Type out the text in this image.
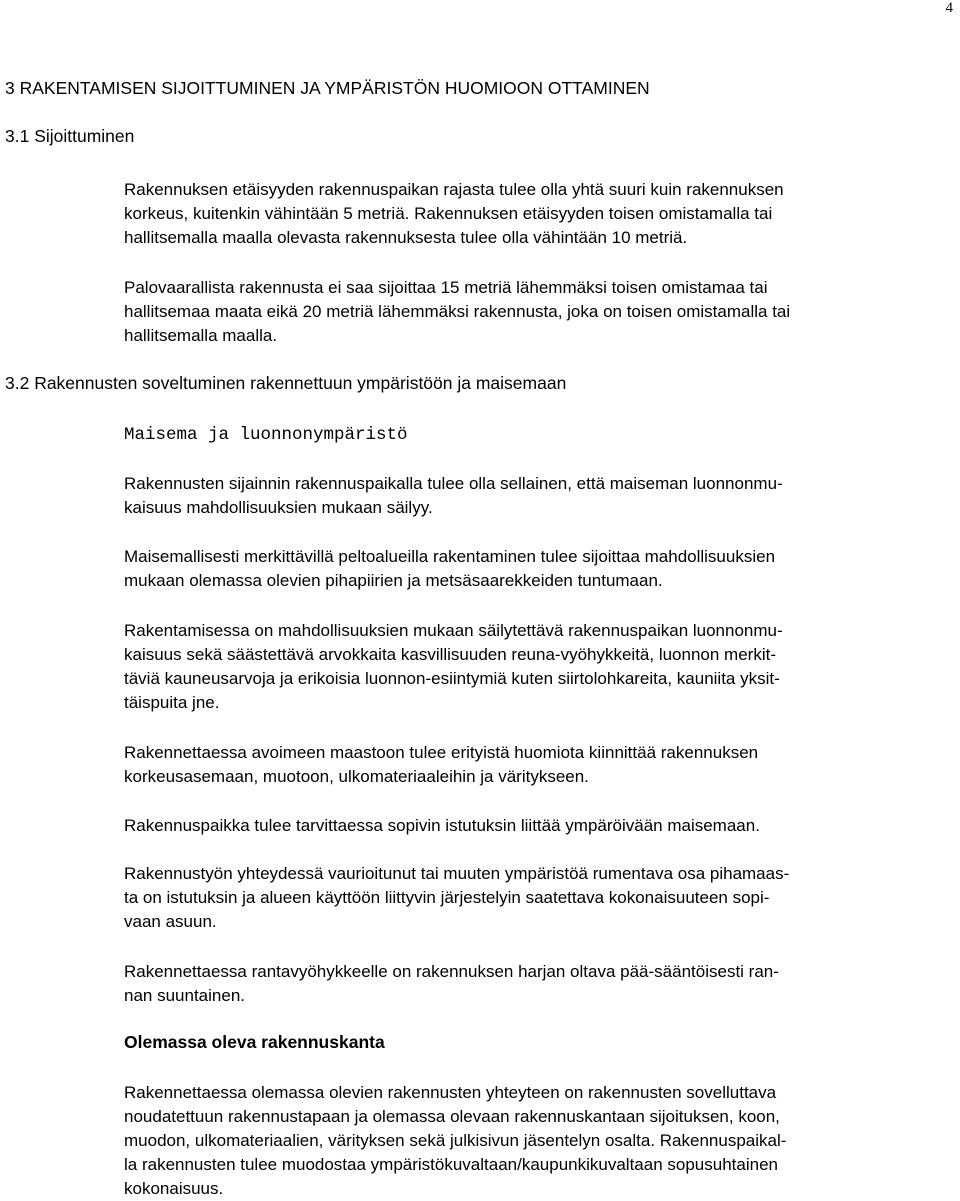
4
3 RAKENTAMISEN SIJOITTUMINEN JA YMPÄRISTÖN HUOMIOON OTTAMINEN
3.1 Sijoittuminen

Rakennuksen etäisyyden rakennuspaikan rajasta tulee olla yhtä suuri kuin rakennuksen
korkeus, kuitenkin vähintään 5 metriä. Rakennuksen etäisyyden toisen omistamalla tai
hallitsemalla maalla olevasta rakennuksesta tulee olla vähintään 10 metriä.

Palovaarallista rakennusta ei saa sijoittaa 15 metriä lähemmäksi toisen omistamaa tai
hallitsemaa maata eikä 20 metriä lähemmäksi rakennusta, joka on toisen omistamalla tai
hallitsemalla maalla.

3.2 Rakennusten soveltuminen rakennettuun ympäristöön ja maisemaan
Maisema ja luonnonympäristö

Rakennusten sijainnin rakennuspaikalla tulee olla sellainen, että maiseman luonnonmu-
kaisuus mahdollisuuksien mukaan säilyy.

Maisemallisesti merkittävillä peltoalueilla rakentaminen tulee sijoittaa mahdollisuuksien
mukaan olemassa olevien pihapiirien ja metsäsaarekkeiden tuntumaan.

Rakentamisessa on mahdollisuuksien mukaan säilytettävä rakennuspaikan luonnonmu-
kaisuus sekä säästettävä arvokkaita kasvillisuuden reuna-vyöhykkeitä, luonnon merkit-
täviä kauneusarvoja ja erikoisia luonnon-esiintymiä kuten siirtolohkareita, kauniita yksit-
täispuita jne.

Rakennettaessa avoimeen maastoon tulee erityistä huomiota kiinnittää rakennuksen
korkeusasemaan, muotoon, ulkomateriaaleihin ja väritykseen.

Rakennuspaikka tulee tarvittaessa sopivin istutuksin liittää ympäröivään maisemaan.

Rakennustyön yhteydessä vaurioitunut tai muuten ympäristöä rumentava osa pihamaas-
ta on istutuksin ja alueen käyttöön liittyvin järjestelyin saatettava kokonaisuuteen sopi-
vaan asuun.

Rakennettaessa rantavyöhykkeelle on rakennuksen harjan oltava pää-sääntöisesti ran-
nan suuntainen.

Olemassa oleva rakennuskanta

Rakennettaessa olemassa olevien rakennusten yhteyteen on rakennusten sovelluttava
noudatettuun rakennustapaan ja olemassa olevaan rakennuskantaan sijoituksen, koon,
muodon, ulkomateriaalien, värityksen sekä julkisivun jäsentelyn osalta. Rakennuspaikal-
la rakennusten tulee muodostaa ympäristökuvaltaan/kaupunkikuvaltaan sopusuhtainen
kokonaisuus.
